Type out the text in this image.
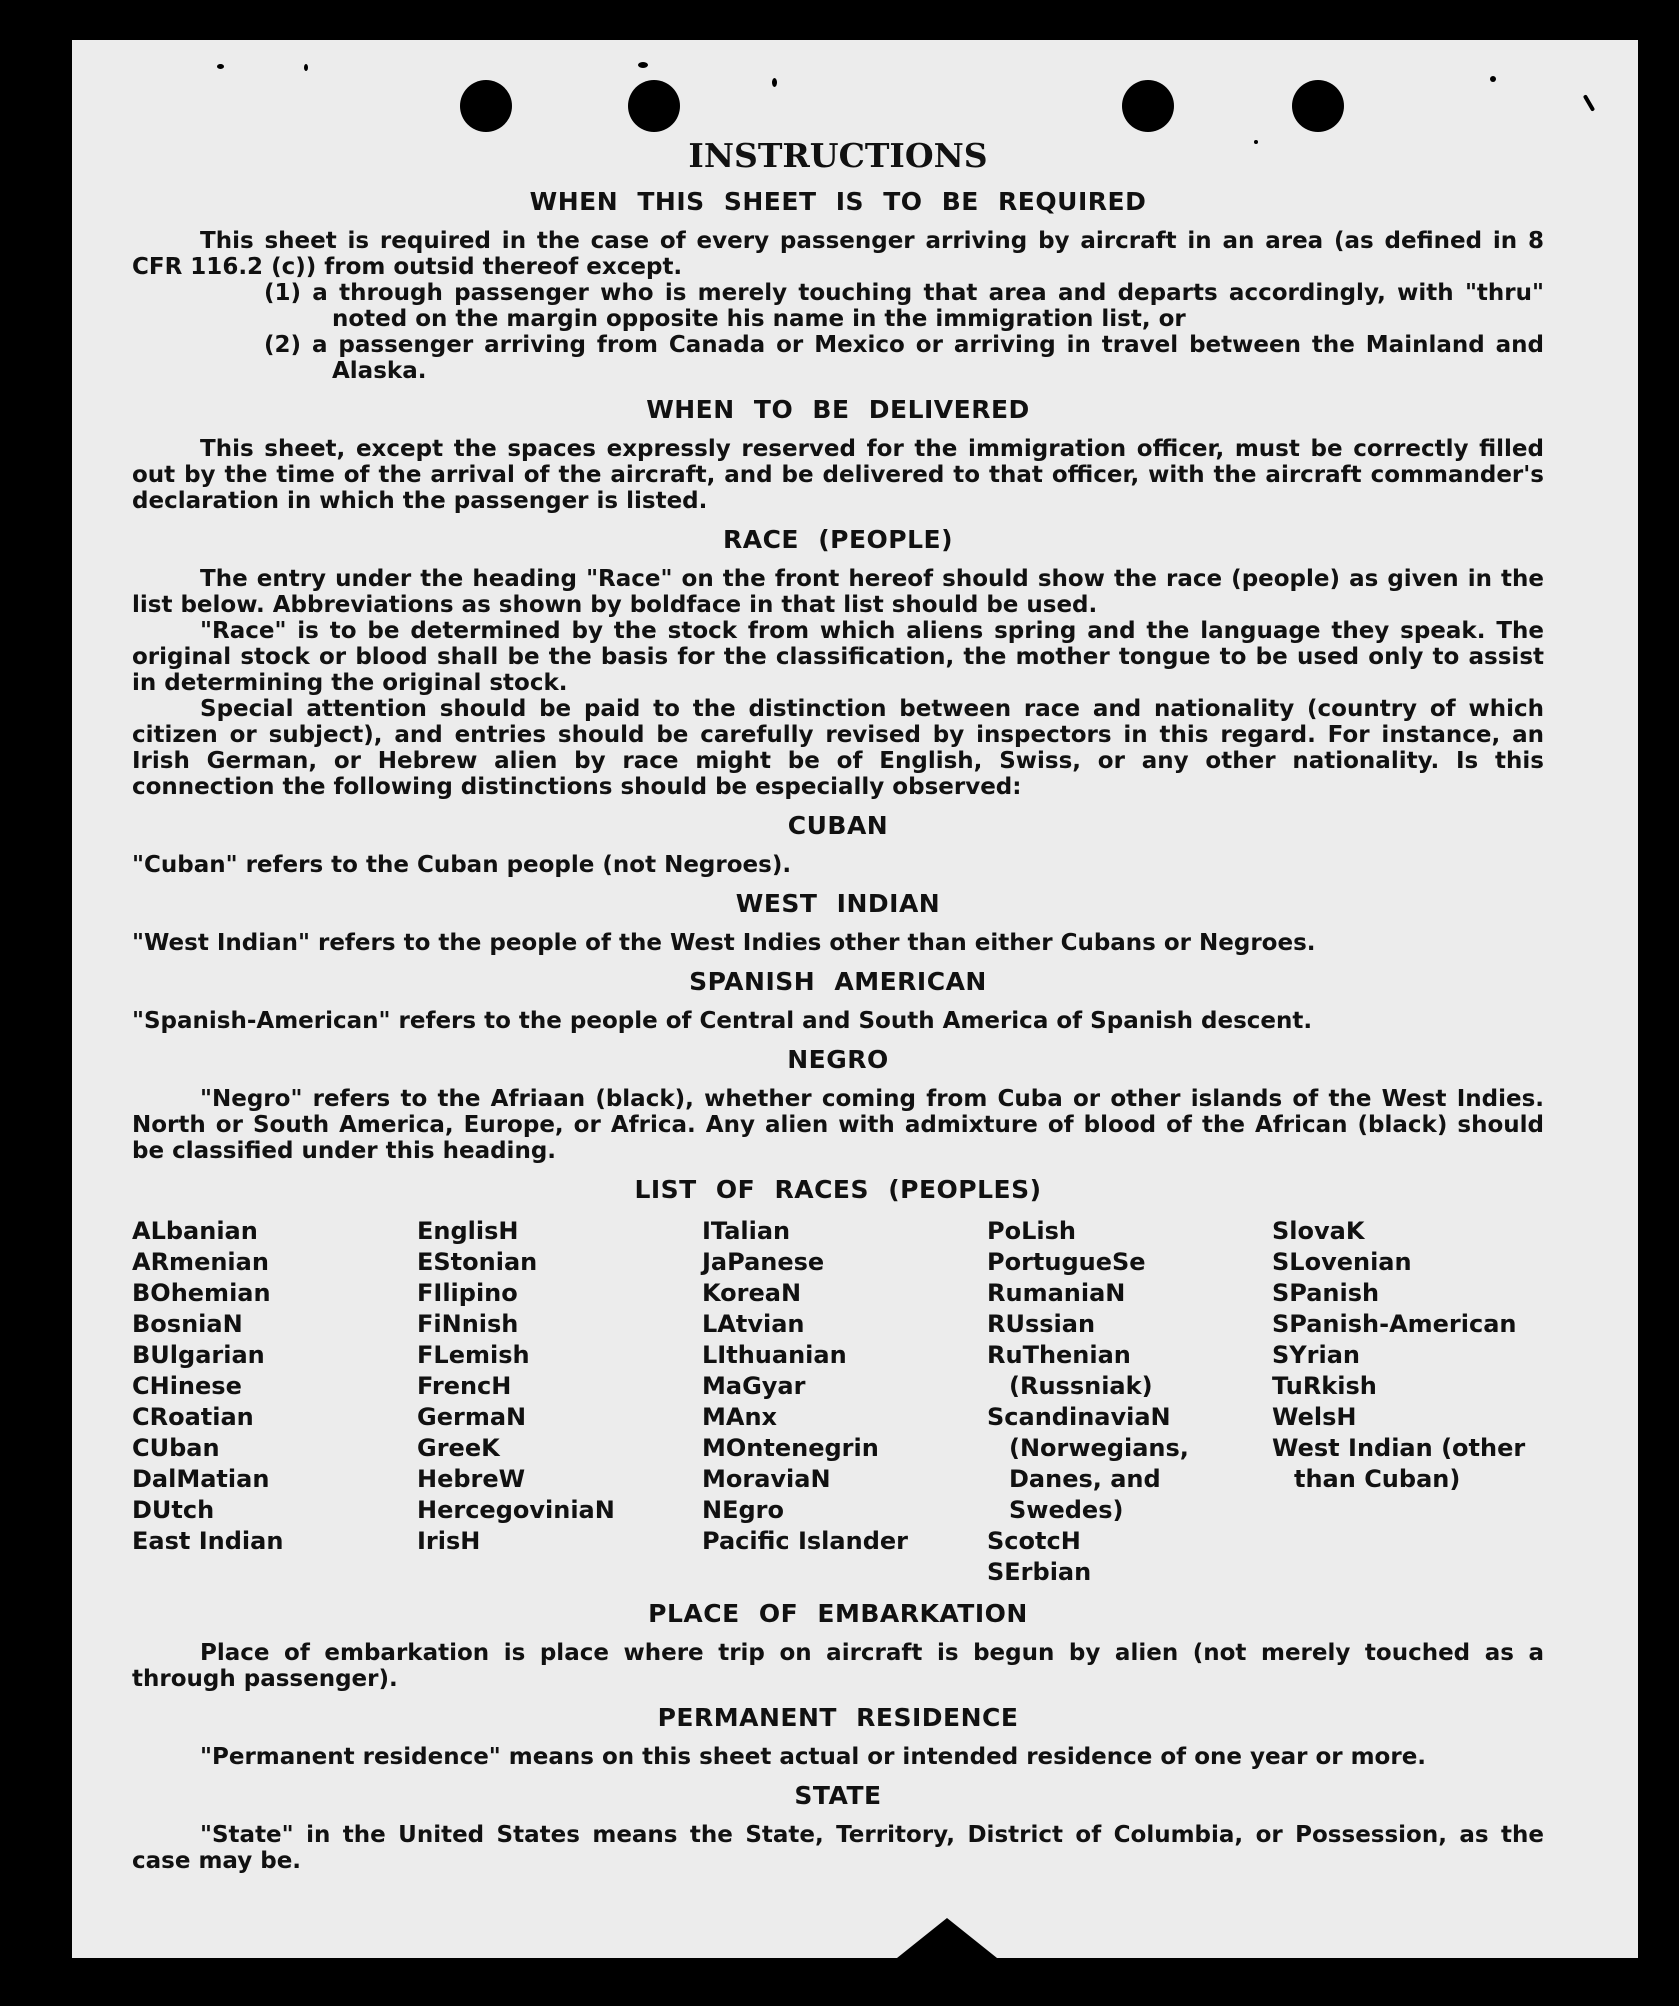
INSTRUCTIONS
WHEN THIS SHEET IS TO BE REQUIRED

This sheet is required in the case of every passenger arriving by aircraft in an area (as defined in 8 CFR 116.2 (c)) from outsid thereof except.

(1) a through passenger who is merely touching that area and departs accordingly, with "thru" noted on the margin opposite his name in the immigration list, or

(2) a passenger arriving from Canada or Mexico or arriving in travel between the Mainland and Alaska.

WHEN TO BE DELIVERED

This sheet, except the spaces expressly reserved for the immigration officer, must be correctly filled out by the time of the arrival of the aircraft, and be delivered to that officer, with the aircraft commander's declaration in which the passenger is listed.

RACE (PEOPLE)

The entry under the heading "Race" on the front hereof should show the race (people) as given in the list below. Abbreviations as shown by boldface in that list should be used.

"Race" is to be determined by the stock from which aliens spring and the language they speak. The original stock or blood shall be the basis for the classification, the mother tongue to be used only to assist in determining the original stock.

Special attention should be paid to the distinction between race and nationality (country of which citizen or subject), and entries should be carefully revised by inspectors in this regard. For instance, an Irish German, or Hebrew alien by race might be of English, Swiss, or any other nationality. Is this connection the following distinctions should be especially observed:

CUBAN

"Cuban" refers to the Cuban people (not Negroes).

WEST INDIAN

"West Indian" refers to the people of the West Indies other than either Cubans or Negroes.

SPANISH AMERICAN

"Spanish-American" refers to the people of Central and South America of Spanish descent.

NEGRO

"Negro" refers to the Afriaan (black), whether coming from Cuba or other islands of the West Indies. North or South America, Europe, or Africa. Any alien with admixture of blood of the African (black) should be classified under this heading.

LIST OF RACES (PEOPLES)
ALbanian
ARmenian
BOhemian
BosniaN
BUlgarian
CHinese
CRoatian
CUban
DalMatian
DUtch
East Indian
EnglisH
EStonian
FIlipino
FiNnish
FLemish
FrencH
GermaN
GreeK
HebreW
HercegoviniaN
IrisH
ITalian
JaPanese
KoreaN
LAtvian
LIthuanian
MaGyar
MAnx
MOntenegrin
MoraviaN
NEgro
Pacific Islander
PoLish
PortugueSe
RumaniaN
RUssian
RuThenian (Russniak)
ScandinaviaN (Norwegians, Danes, and Swedes)
ScotcH
SErbian
SlovaK
SLovenian
SPanish
SPanish-American
SYrian
TuRkish
WelsH
West Indian (other than Cuban)
PLACE OF EMBARKATION

Place of embarkation is place where trip on aircraft is begun by alien (not merely touched as a through passenger).

PERMANENT RESIDENCE

"Permanent residence" means on this sheet actual or intended residence of one year or more.

STATE

"State" in the United States means the State, Territory, District of Columbia, or Possession, as the case may be.
